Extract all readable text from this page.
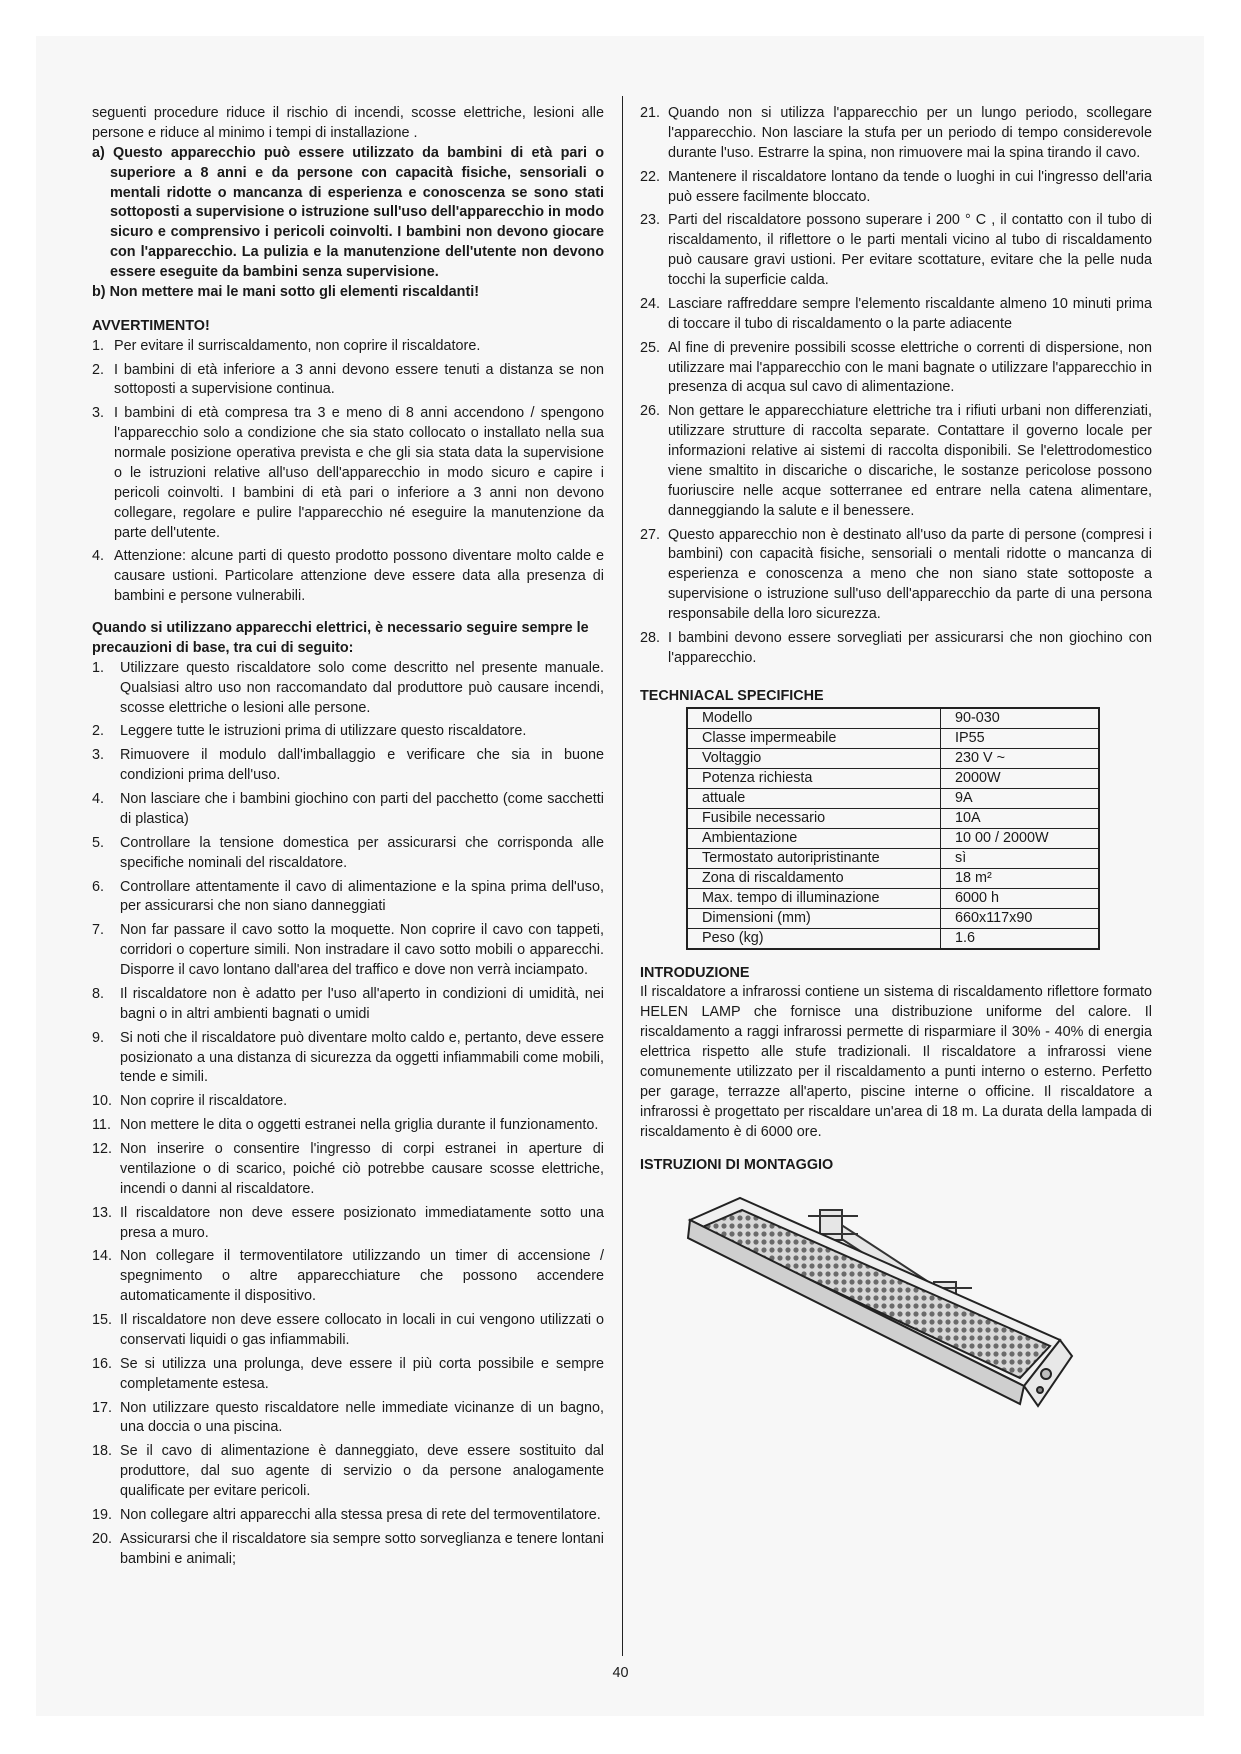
seguenti procedure riduce il rischio di incendi, scosse elettriche, lesioni alle persone e riduce al minimo i tempi di installazione .

a) Questo apparecchio può essere utilizzato da bambini di età pari o superiore a 8 anni e da persone con capacità fisiche, sensoriali o mentali ridotte o mancanza di esperienza e conoscenza se sono stati sottoposti a supervisione o istruzione sull'uso dell'apparecchio in modo sicuro e comprensivo i pericoli coinvolti. I bambini non devono giocare con l'apparecchio. La pulizia e la manutenzione dell'utente non devono essere eseguite da bambini senza supervisione.

b) Non mettere mai le mani sotto gli elementi riscaldanti!

AVVERTIMENTO!

1. Per evitare il surriscaldamento, non coprire il riscaldatore.
2. I bambini di età inferiore a 3 anni devono essere tenuti a distanza se non sottoposti a supervisione continua.
3. I bambini di età compresa tra 3 e meno di 8 anni accendono / spengono l'apparecchio solo a condizione che sia stato collocato o installato nella sua normale posizione operativa prevista e che gli sia stata data la supervisione o le istruzioni relative all'uso dell'apparecchio in modo sicuro e capire i pericoli coinvolti. I bambini di età pari o inferiore a 3 anni non devono collegare, regolare e pulire l'apparecchio né eseguire la manutenzione da parte dell'utente.
4. Attenzione: alcune parti di questo prodotto possono diventare molto calde e causare ustioni. Particolare attenzione deve essere data alla presenza di bambini e persone vulnerabili.

Quando si utilizzano apparecchi elettrici, è necessario seguire sempre le precauzioni di base, tra cui di seguito:

1. Utilizzare questo riscaldatore solo come descritto nel presente manuale. Qualsiasi altro uso non raccomandato dal produttore può causare incendi, scosse elettriche o lesioni alle persone.
2. Leggere tutte le istruzioni prima di utilizzare questo riscaldatore.
3. Rimuovere il modulo dall'imballaggio e verificare che sia in buone condizioni prima dell'uso.
4. Non lasciare che i bambini giochino con parti del pacchetto (come sacchetti di plastica)
5. Controllare la tensione domestica per assicurarsi che corrisponda alle specifiche nominali del riscaldatore.
6. Controllare attentamente il cavo di alimentazione e la spina prima dell'uso, per assicurarsi che non siano danneggiati
7. Non far passare il cavo sotto la moquette. Non coprire il cavo con tappeti, corridori o coperture simili. Non instradare il cavo sotto mobili o apparecchi. Disporre il cavo lontano dall'area del traffico e dove non verrà inciampato.
8. Il riscaldatore non è adatto per l'uso all'aperto in condizioni di umidità, nei bagni o in altri ambienti bagnati o umidi
9. Si noti che il riscaldatore può diventare molto caldo e, pertanto, deve essere posizionato a una distanza di sicurezza da oggetti infiammabili come mobili, tende e simili.
10. Non coprire il riscaldatore.
11. Non mettere le dita o oggetti estranei nella griglia durante il funzionamento.
12. Non inserire o consentire l'ingresso di corpi estranei in aperture di ventilazione o di scarico, poiché ciò potrebbe causare scosse elettriche, incendi o danni al riscaldatore.
13. Il riscaldatore non deve essere posizionato immediatamente sotto una presa a muro.
14. Non collegare il termoventilatore utilizzando un timer di accensione / spegnimento o altre apparecchiature che possono accendere automaticamente il dispositivo.
15. Il riscaldatore non deve essere collocato in locali in cui vengono utilizzati o conservati liquidi o gas infiammabili.
16. Se si utilizza una prolunga, deve essere il più corta possibile e sempre completamente estesa.
17. Non utilizzare questo riscaldatore nelle immediate vicinanze di un bagno, una doccia o una piscina.
18. Se il cavo di alimentazione è danneggiato, deve essere sostituito dal produttore, dal suo agente di servizio o da persone analogamente qualificate per evitare pericoli.
19. Non collegare altri apparecchi alla stessa presa di rete del termoventilatore.
20. Assicurarsi che il riscaldatore sia sempre sotto sorveglianza e tenere lontani bambini e animali;
21. Quando non si utilizza l'apparecchio per un lungo periodo, scollegare l'apparecchio. Non lasciare la stufa per un periodo di tempo considerevole durante l'uso. Estrarre la spina, non rimuovere mai la spina tirando il cavo.
22. Mantenere il riscaldatore lontano da tende o luoghi in cui l'ingresso dell'aria può essere facilmente bloccato.
23. Parti del riscaldatore possono superare i 200 ° C , il contatto con il tubo di riscaldamento, il riflettore o le parti mentali vicino al tubo di riscaldamento può causare gravi ustioni. Per evitare scottature, evitare che la pelle nuda tocchi la superficie calda.
24. Lasciare raffreddare sempre l'elemento riscaldante almeno 10 minuti prima di toccare il tubo di riscaldamento o la parte adiacente
25. Al fine di prevenire possibili scosse elettriche o correnti di dispersione, non utilizzare mai l'apparecchio con le mani bagnate o utilizzare l'apparecchio in presenza di acqua sul cavo di alimentazione.
26. Non gettare le apparecchiature elettriche tra i rifiuti urbani non differenziati, utilizzare strutture di raccolta separate. Contattare il governo locale per informazioni relative ai sistemi di raccolta disponibili. Se l'elettrodomestico viene smaltito in discariche o discariche, le sostanze pericolose possono fuoriuscire nelle acque sotterranee ed entrare nella catena alimentare, danneggiando la salute e il benessere.
27. Questo apparecchio non è destinato all'uso da parte di persone (compresi i bambini) con capacità fisiche, sensoriali o mentali ridotte o mancanza di esperienza e conoscenza a meno che non siano state sottoposte a supervisione o istruzione sull'uso dell'apparecchio da parte di una persona responsabile della loro sicurezza.
28. I bambini devono essere sorvegliati per assicurarsi che non giochino con l'apparecchio.

TECHNIACAL SPECIFICHE

Modello	90-030
Classe impermeabile	IP55
Voltaggio	230 V ~
Potenza richiesta	2000W
attuale	9A
Fusibile necessario	10A
Ambientazione	10 00 / 2000W
Termostato autoripristinante	sì
Zona di riscaldamento	18 m²
Max. tempo di illuminazione	6000 h
Dimensioni (mm)	660x117x90
Peso (kg)	1.6

INTRODUZIONE

Il riscaldatore a infrarossi contiene un sistema di riscaldamento riflettore formato HELEN LAMP che fornisce una distribuzione uniforme del calore. Il riscaldamento a raggi infrarossi permette di risparmiare il 30% - 40% di energia elettrica rispetto alle stufe tradizionali. Il riscaldatore a infrarossi viene comunemente utilizzato per il riscaldamento a punti interno o esterno. Perfetto per garage, terrazze all'aperto, piscine interne o officine. Il riscaldatore a infrarossi è progettato per riscaldare un'area di 18 m. La durata della lampada di riscaldamento è di 6000 ore.

ISTRUZIONI DI MONTAGGIO

40
